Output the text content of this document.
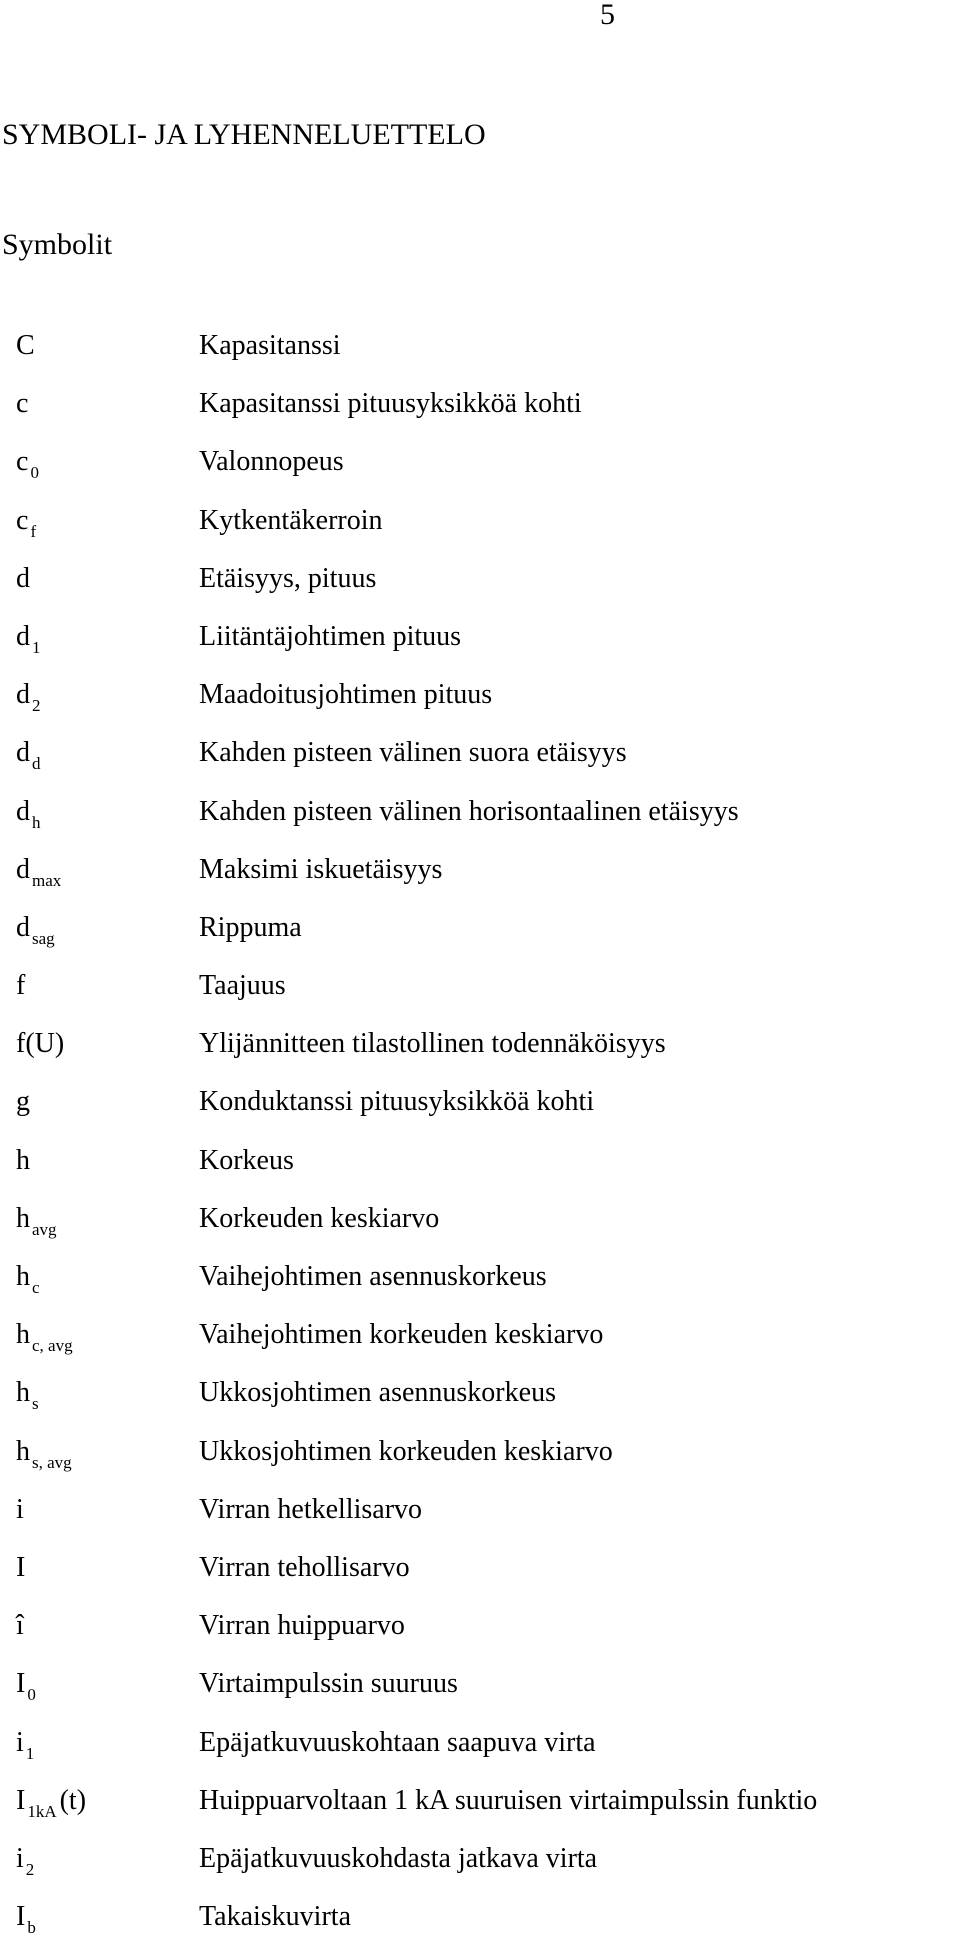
5
SYMBOLI- JA LYHENNELUETTELO
Symbolit
C	Kapasitanssi
c	Kapasitanssi pituusyksikköä kohti
c $_0$	Valonnopeus
c $_f$	Kytkentäkerroin
d	Etäisyys, pituus
d $_1$	Liitäntäjohtimen pituus
d $_2$	Maadoitusjohtimen pituus
d $_d$	Kahden pisteen välinen suora etäisyys
d $_h$	Kahden pisteen välinen horisontaalinen etäisyys
d $_{max}$	Maksimi iskuetäisyys
d $_{sag}$	Rippuma
f	Taajuus
f(U)	Ylijännitteen tilastollinen todennäköisyys
g	Konduktanssi pituusyksikköä kohti
h	Korkeus
h $_{avg}$	Korkeuden keskiarvo
h $_c$	Vaihejohtimen asennuskorkeus
h $_{c, avg}$	Vaihejohtimen korkeuden keskiarvo
h $_s$	Ukkosjohtimen asennuskorkeus
h $_{s, avg}$	Ukkosjohtimen korkeuden keskiarvo
i	Virran hetkellisarvo
I	Virran tehollisarvo
î	Virran huippuarvo
I $_0$	Virtaimpulssin suuruus
i $_1$	Epäjatkuvuuskohtaan saapuva virta
I $_{1kA}$ (t)	Huippuarvoltaan 1 kA suuruisen virtaimpulssin funktio
i $_2$	Epäjatkuvuuskohdasta jatkava virta
I $_b$	Takaiskuvirta
